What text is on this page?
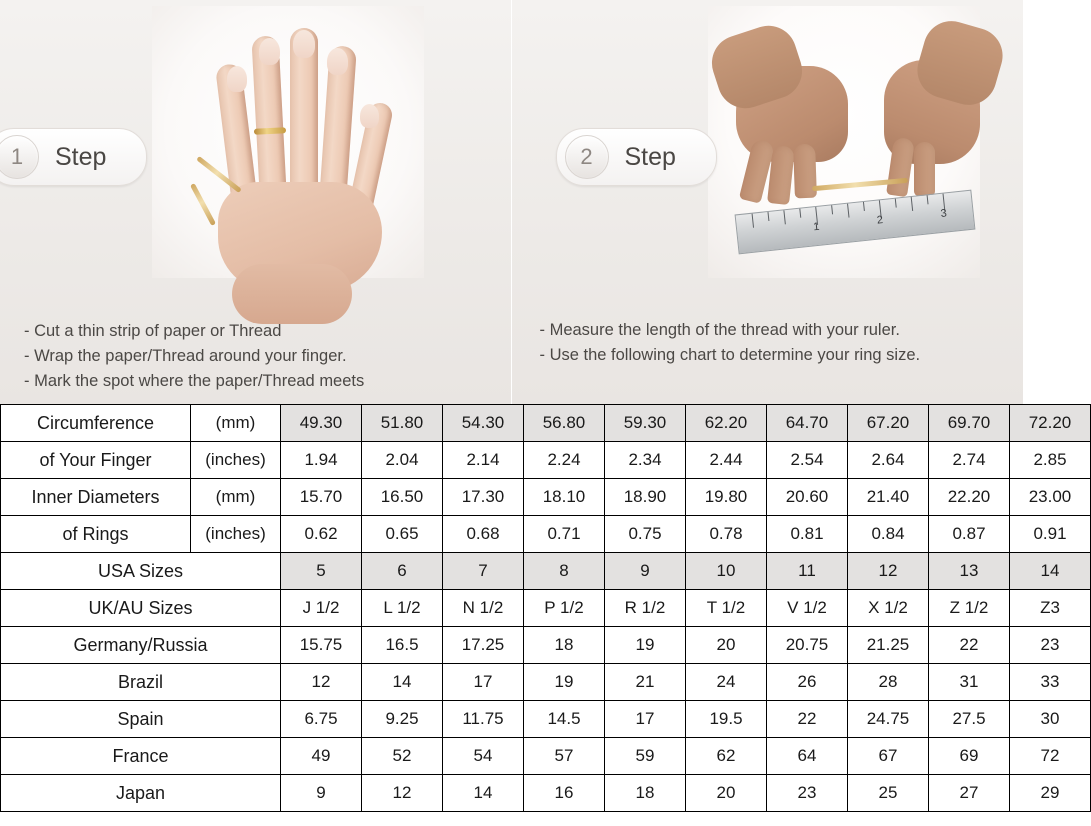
1	Step
- Cut a thin strip of paper or Thread
- Wrap the paper/Thread around your finger.
- Mark the spot where the paper/Thread meets
1
2
3
2	Step
- Measure the length of the thread with your ruler.
- Use the following chart to determine your ring size.
Circumference	(mm)	49.30	51.80	54.30	56.80	59.30	62.20	64.70	67.20	69.70	72.20
of Your Finger	(inches)	1.94	2.04	2.14	2.24	2.34	2.44	2.54	2.64	2.74	2.85
Inner Diameters	(mm)	15.70	16.50	17.30	18.10	18.90	19.80	20.60	21.40	22.20	23.00
of Rings	(inches)	0.62	0.65	0.68	0.71	0.75	0.78	0.81	0.84	0.87	0.91
USA Sizes		5	6	7	8	9	10	11	12	13	14
UK/AU Sizes		J 1/2	L 1/2	N 1/2	P 1/2	R 1/2	T 1/2	V 1/2	X 1/2	Z 1/2	Z3
Germany/Russia		15.75	16.5	17.25	18	19	20	20.75	21.25	22	23
Brazil		12	14	17	19	21	24	26	28	31	33
Spain		6.75	9.25	11.75	14.5	17	19.5	22	24.75	27.5	30
France		49	52	54	57	59	62	64	67	69	72
Japan		9	12	14	16	18	20	23	25	27	29
